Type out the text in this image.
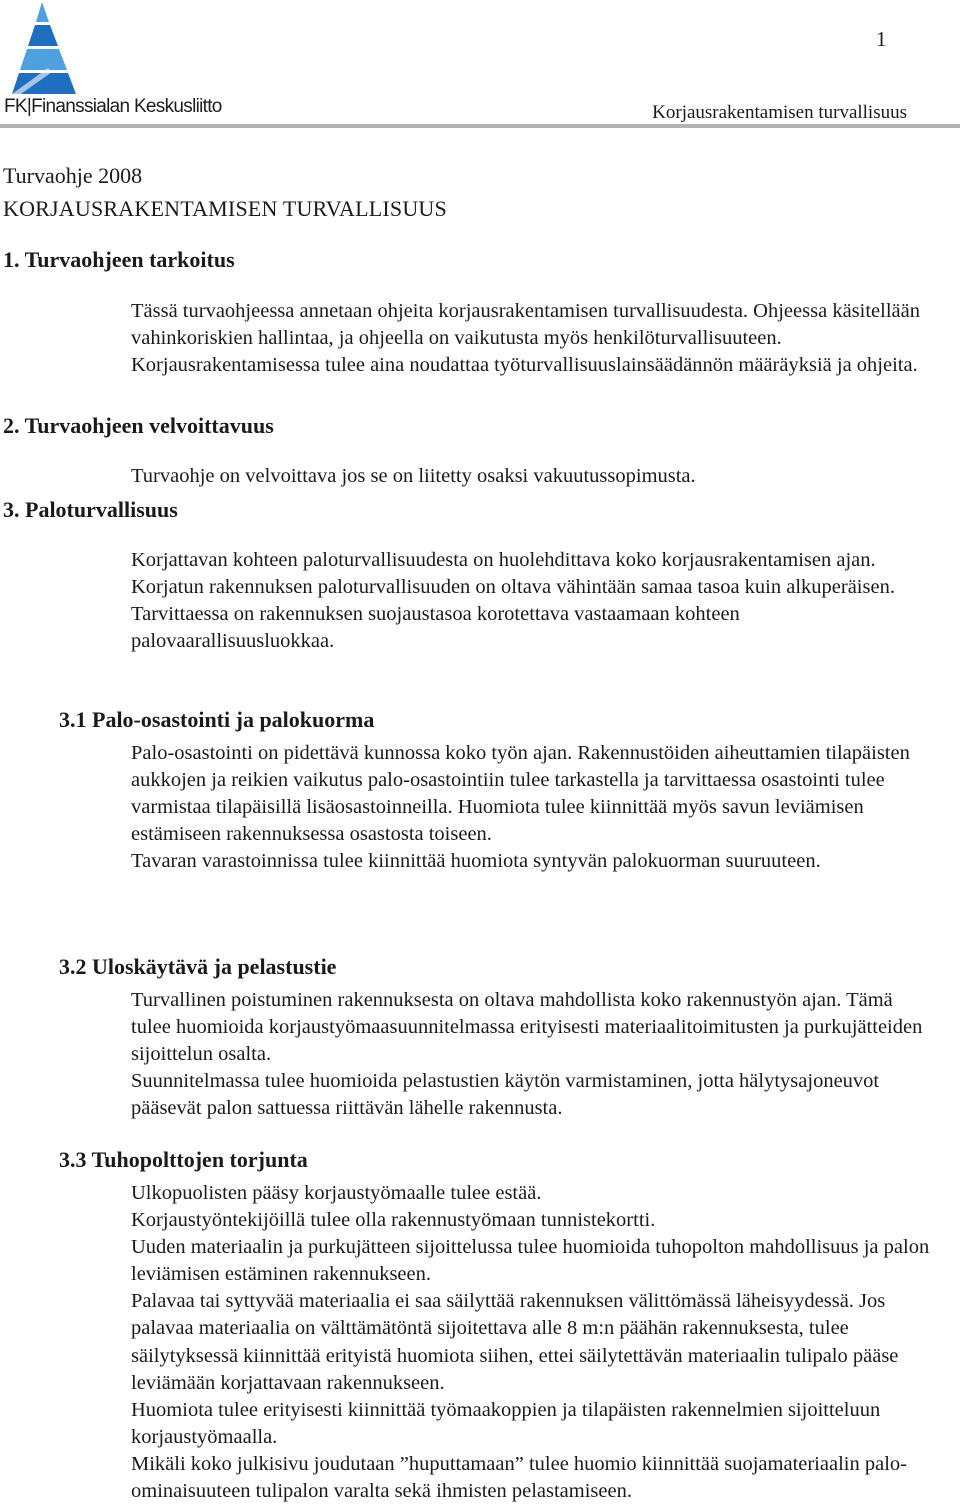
FK|Finanssialan Keskusliitto
1
Korjausrakentamisen turvallisuus
Turvaohje 2008
KORJAUSRAKENTAMISEN TURVALLISUUS
1. Turvaohjeen tarkoitus

Tässä turvaohjeessa annetaan ohjeita korjausrakentamisen turvallisuudesta. Ohjeessa käsitellään vahinkoriskien hallintaa, ja ohjeella on vaikutusta myös henkilöturvallisuuteen. Korjausrakentamisessa tulee aina noudattaa työturvallisuuslainsäädännön määräyksiä ja ohjeita.

2. Turvaohjeen velvoittavuus

Turvaohje on velvoittava jos se on liitetty osaksi vakuutussopimusta.

3. Paloturvallisuus

Korjattavan kohteen paloturvallisuudesta on huolehdittava koko korjausrakentamisen ajan.

Korjatun rakennuksen paloturvallisuuden on oltava vähintään samaa tasoa kuin alkuperäisen. Tarvittaessa on rakennuksen suojaustasoa korotettava vastaamaan kohteen palovaarallisuusluokkaa.

3.1 Palo-osastointi ja palokuorma

Palo-osastointi on pidettävä kunnossa koko työn ajan. Rakennustöiden aiheuttamien tilapäisten aukkojen ja reikien vaikutus palo-osastointiin tulee tarkastella ja tarvittaessa osastointi tulee varmistaa tilapäisillä lisäosastoinneilla. Huomiota tulee kiinnittää myös savun leviämisen estämiseen rakennuksessa osastosta toiseen.

Tavaran varastoinnissa tulee kiinnittää huomiota syntyvän palokuorman suuruuteen.

3.2 Uloskäytävä ja pelastustie

Turvallinen poistuminen rakennuksesta on oltava mahdollista koko rakennustyön ajan. Tämä tulee huomioida korjaustyömaasuunnitelmassa erityisesti materiaalitoimitusten ja purkujätteiden sijoittelun osalta.

Suunnitelmassa tulee huomioida pelastustien käytön varmistaminen, jotta hälytysajoneuvot pääsevät palon sattuessa riittävän lähelle rakennusta.

3.3 Tuhopolttojen torjunta

Ulkopuolisten pääsy korjaustyömaalle tulee estää.

Korjaustyöntekijöillä tulee olla rakennustyömaan tunnistekortti.

Uuden materiaalin ja purkujätteen sijoittelussa tulee huomioida tuhopolton mahdollisuus ja palon leviämisen estäminen rakennukseen.

Palavaa tai syttyvää materiaalia ei saa säilyttää rakennuksen välittömässä läheisyydessä. Jos palavaa materiaalia on välttämätöntä sijoitettava alle 8 m:n päähän rakennuksesta, tulee säilytyksessä kiinnittää erityistä huomiota siihen, ettei säilytettävän materiaalin tulipalo pääse leviämään korjattavaan rakennukseen.

Huomiota tulee erityisesti kiinnittää työmaakoppien ja tilapäisten rakennelmien sijoitteluun korjaustyömaalla.

Mikäli koko julkisivu joudutaan ”huputtamaan” tulee huomio kiinnittää suojamateriaalin palo-ominaisuuteen tulipalon varalta sekä ihmisten pelastamiseen.
